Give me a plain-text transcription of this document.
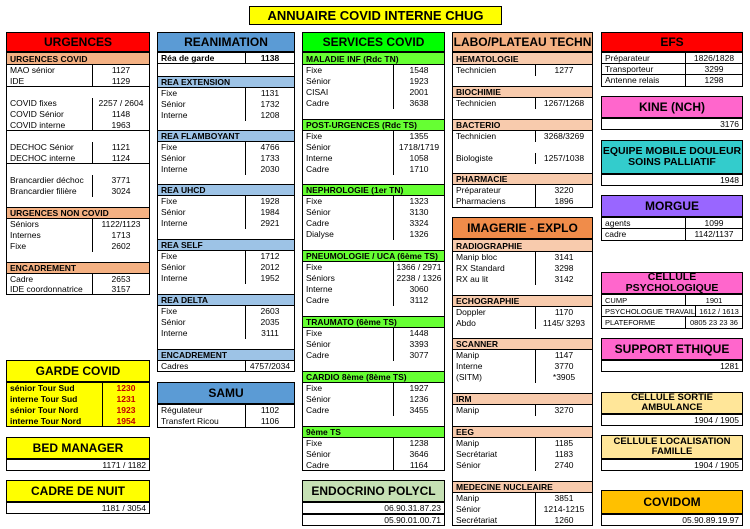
ANNUAIRE COVID INTERNE CHUG
URGENCES
URGENCES COVID
MAO sénior	1127
IDE	1129
COVID fixes	2257 / 2604
COVID Sénior	1148
COVID interne	1963
DECHOC Sénior	1121
DECHOC interne	1124
Brancardier déchoc	3771
Brancardier filière	3024
URGENCES NON COVID
Séniors	1122/1123
Internes	1713
Fixe	2602
ENCADREMENT
Cadre	2653
IDE coordonnatrice	3157
GARDE COVID
sénior Tour Sud	1230
interne Tour Sud	1231
sénior Tour Nord	1923
interne Tour Nord	1954
BED MANAGER
1171 / 1182
CADRE DE NUIT
1181 / 3054
REANIMATION
Réa de garde	1138
REA EXTENSION
Fixe	1131
Sénior	1732
Interne	1208
REA FLAMBOYANT
Fixe	4766
Sénior	1733
Interne	2030
REA UHCD
Fixe	1928
Sénior	1984
Interne	2921
REA SELF
Fixe	1712
Sénior	2012
Interne	1952
REA DELTA
Fixe	2603
Sénior	2035
Interne	3111
ENCADREMENT
Cadres	4757/2034
SAMU
Régulateur	1102
Transfert Ricou	1106
SERVICES COVID
MALADIE INF (Rdc TN)
Fixe	1548
Sénior	1923
CISAI	2001
Cadre	3638
POST-URGENCES (Rdc TS)
Fixe	1355
Sénior	1718/1719
Interne	1058
Cadre	1710
NEPHROLOGIE (1er TN)
Fixe	1323
Sénior	3130
Cadre	3324
Dialyse	1326
PNEUMOLOGIE / UCA (6ème TS)
Fixe	1366 / 2971
Séniors	2238 / 1326
Interne	3060
Cadre	3112
TRAUMATO (6ème TS)
Fixe	1448
Sénior	3393
Cadre	3077
CARDIO 8ème (8ème TS)
Fixe	1927
Sénior	1236
Cadre	3455
9ème TS
Fixe	1238
Sénior	3646
Cadre	1164
ENDOCRINO POLYCL
06.90.31.87.23
05.90.01.00.71
LABO/PLATEAU TECHN
HEMATOLOGIE
Technicien	1277
BIOCHIMIE
Technicien	1267/1268
BACTERIO
Technicien	3268/3269
Biologiste	1257/1038
PHARMACIE
Préparateur	3220
Pharmaciens	1896
IMAGERIE - EXPLO
RADIOGRAPHIE
Manip bloc	3141
RX Standard	3298
RX au lit	3142
ECHOGRAPHIE
Doppler	1170
Abdo	1145/ 3293
SCANNER
Manip	1147
Interne	3770
(SITM)	*3905
IRM
Manip	3270
EEG
Manip	1185
Secrétariat	1183
Sénior	2740
MEDECINE NUCLEAIRE
Manip	3851
Sénior	1214-1215
Secrétariat	1260
EFS
Préparateur	1826/1828
Transporteur	3299
Antenne relais	1298
KINE (NCH)
3176
EQUIPE MOBILE DOULEUR
SOINS PALLIATIF
1948
MORGUE
agents	1099
cadre	1142/1137
CELLULE PSYCHOLOGIQUE
CUMP	1901
PSYCHOLOGUE TRAVAIL 1612 / 1613
PLATEFORME	0805 23 23 36
SUPPORT ETHIQUE
1281
CELLULE SORTIE AMBULANCE
1904 / 1905
CELLULE LOCALISATION
FAMILLE
1904 / 1905
COVIDOM
05.90.89.19.97
